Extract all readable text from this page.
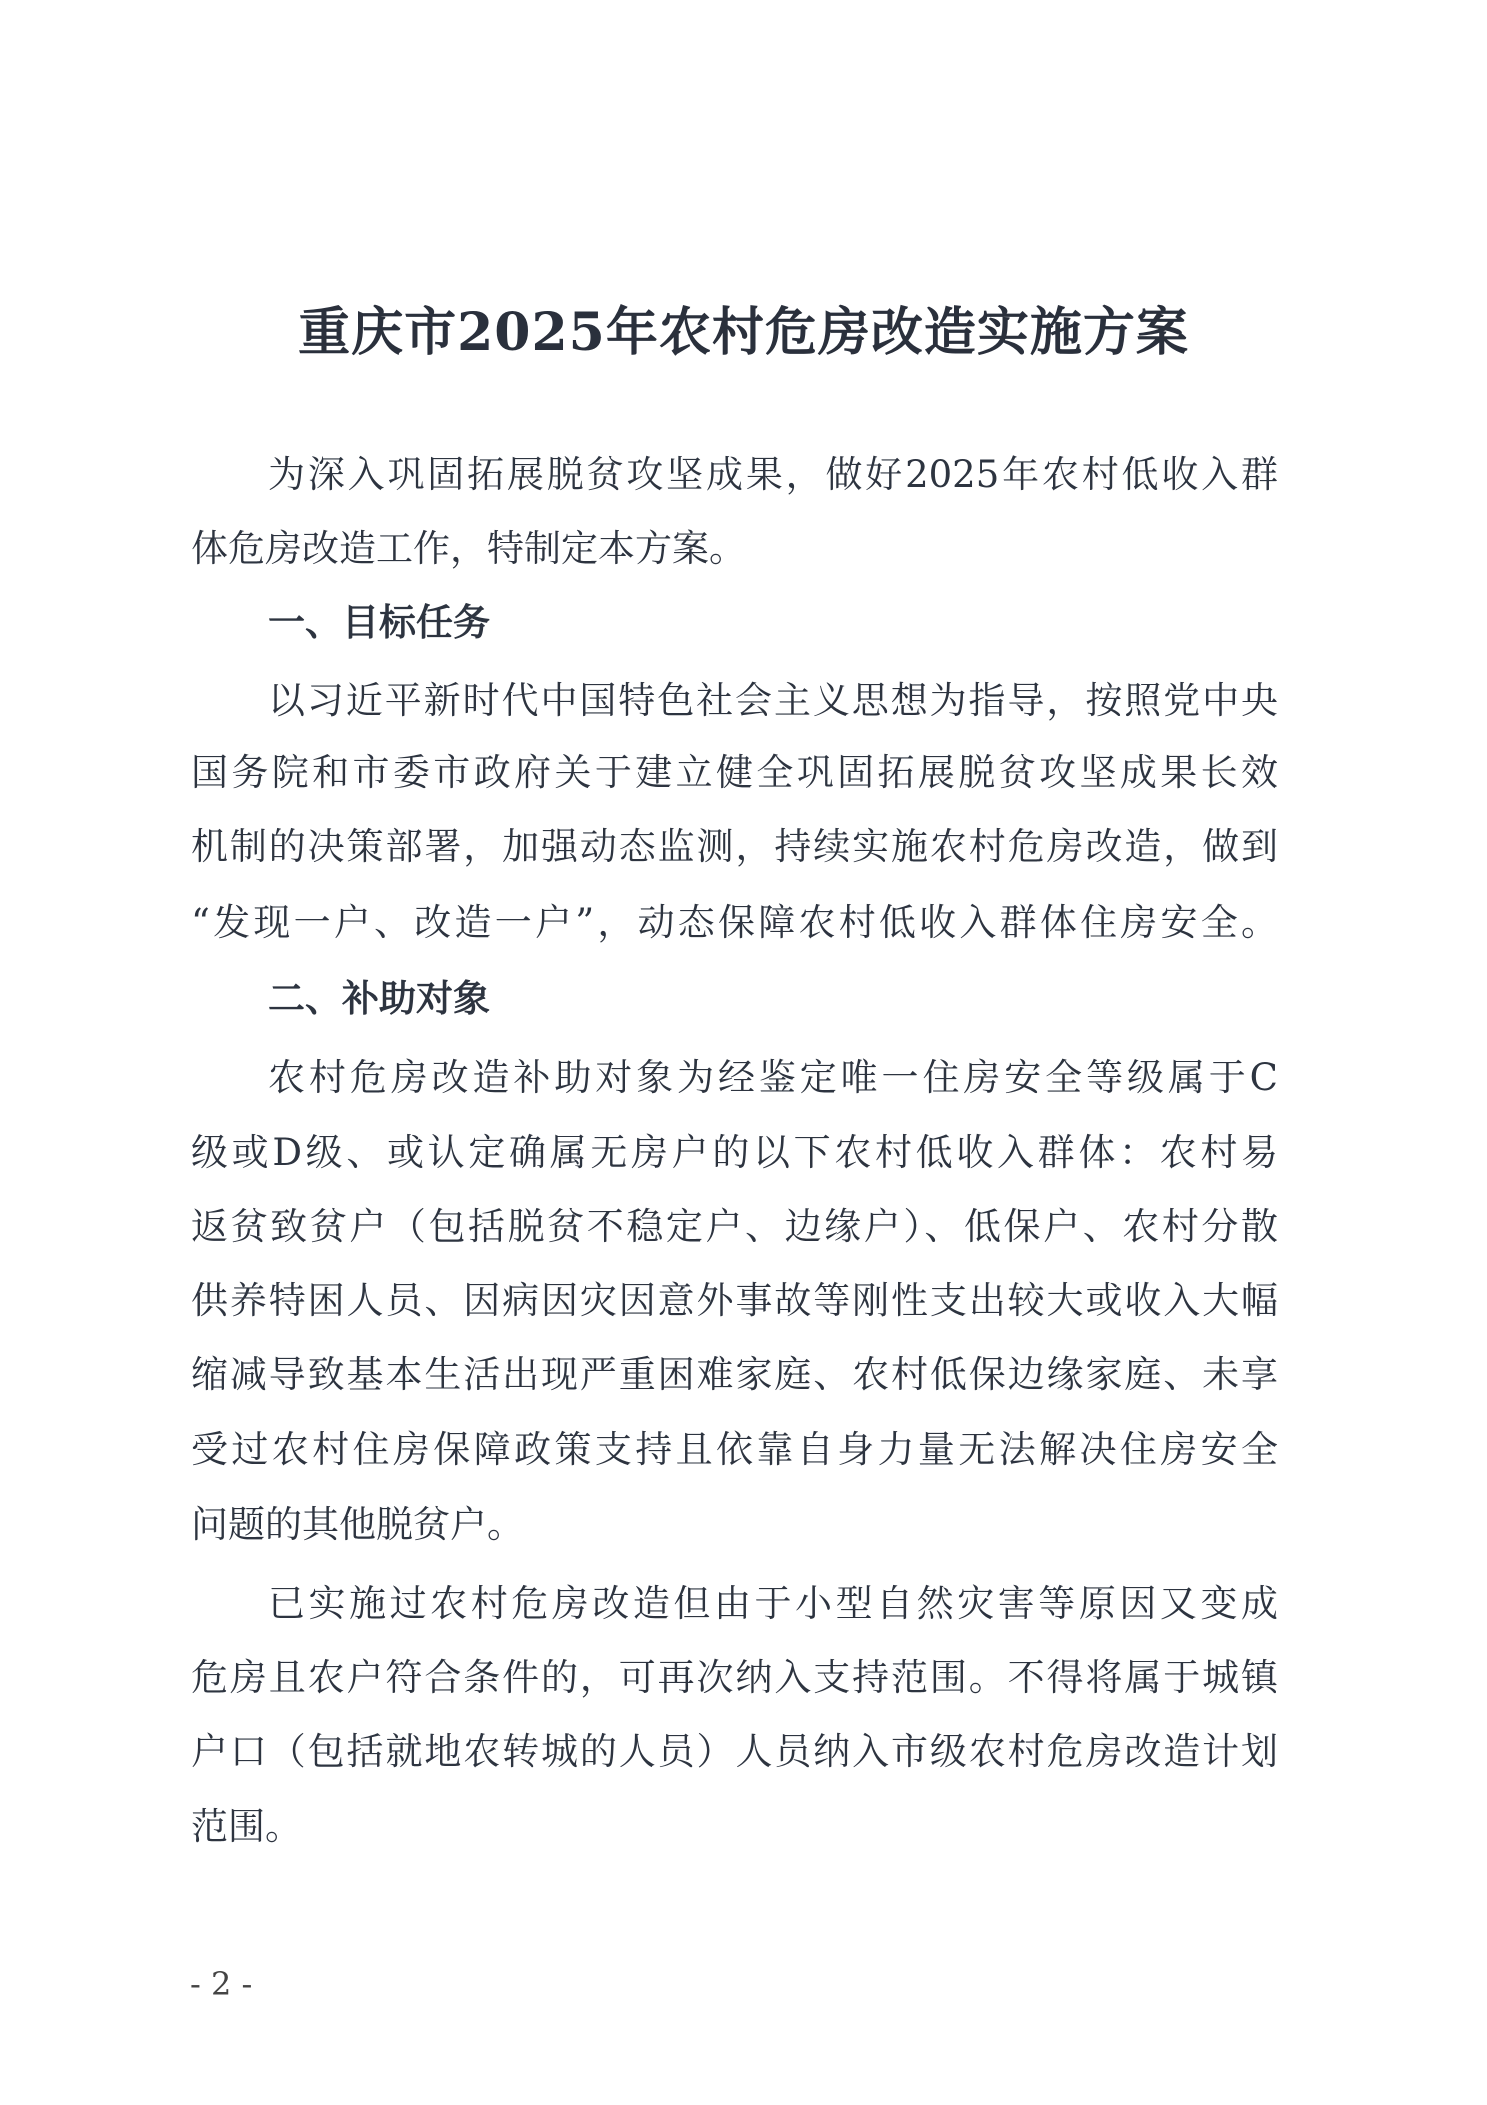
重庆市2025年农村危房改造实施方案
为深入巩固拓展脱贫攻坚成果，做好2025年农村低收入群
体危房改造工作，特制定本方案。
一、目标任务
以习近平新时代中国特色社会主义思想为指导，按照党中央
国务院和市委市政府关于建立健全巩固拓展脱贫攻坚成果长效
机制的决策部署，加强动态监测，持续实施农村危房改造，做到
“发现一户、改造一户”，动态保障农村低收入群体住房安全。
二、补助对象
农村危房改造补助对象为经鉴定唯一住房安全等级属于C
级或D级、或认定确属无房户的以下农村低收入群体：农村易
返贫致贫户（包括脱贫不稳定户、边缘户）、低保户、农村分散
供养特困人员、因病因灾因意外事故等刚性支出较大或收入大幅
缩减导致基本生活出现严重困难家庭、农村低保边缘家庭、未享
受过农村住房保障政策支持且依靠自身力量无法解决住房安全
问题的其他脱贫户。
已实施过农村危房改造但由于小型自然灾害等原因又变成
危房且农户符合条件的，可再次纳入支持范围。不得将属于城镇
户口（包括就地农转城的人员）人员纳入市级农村危房改造计划
范围。
- 2 -
